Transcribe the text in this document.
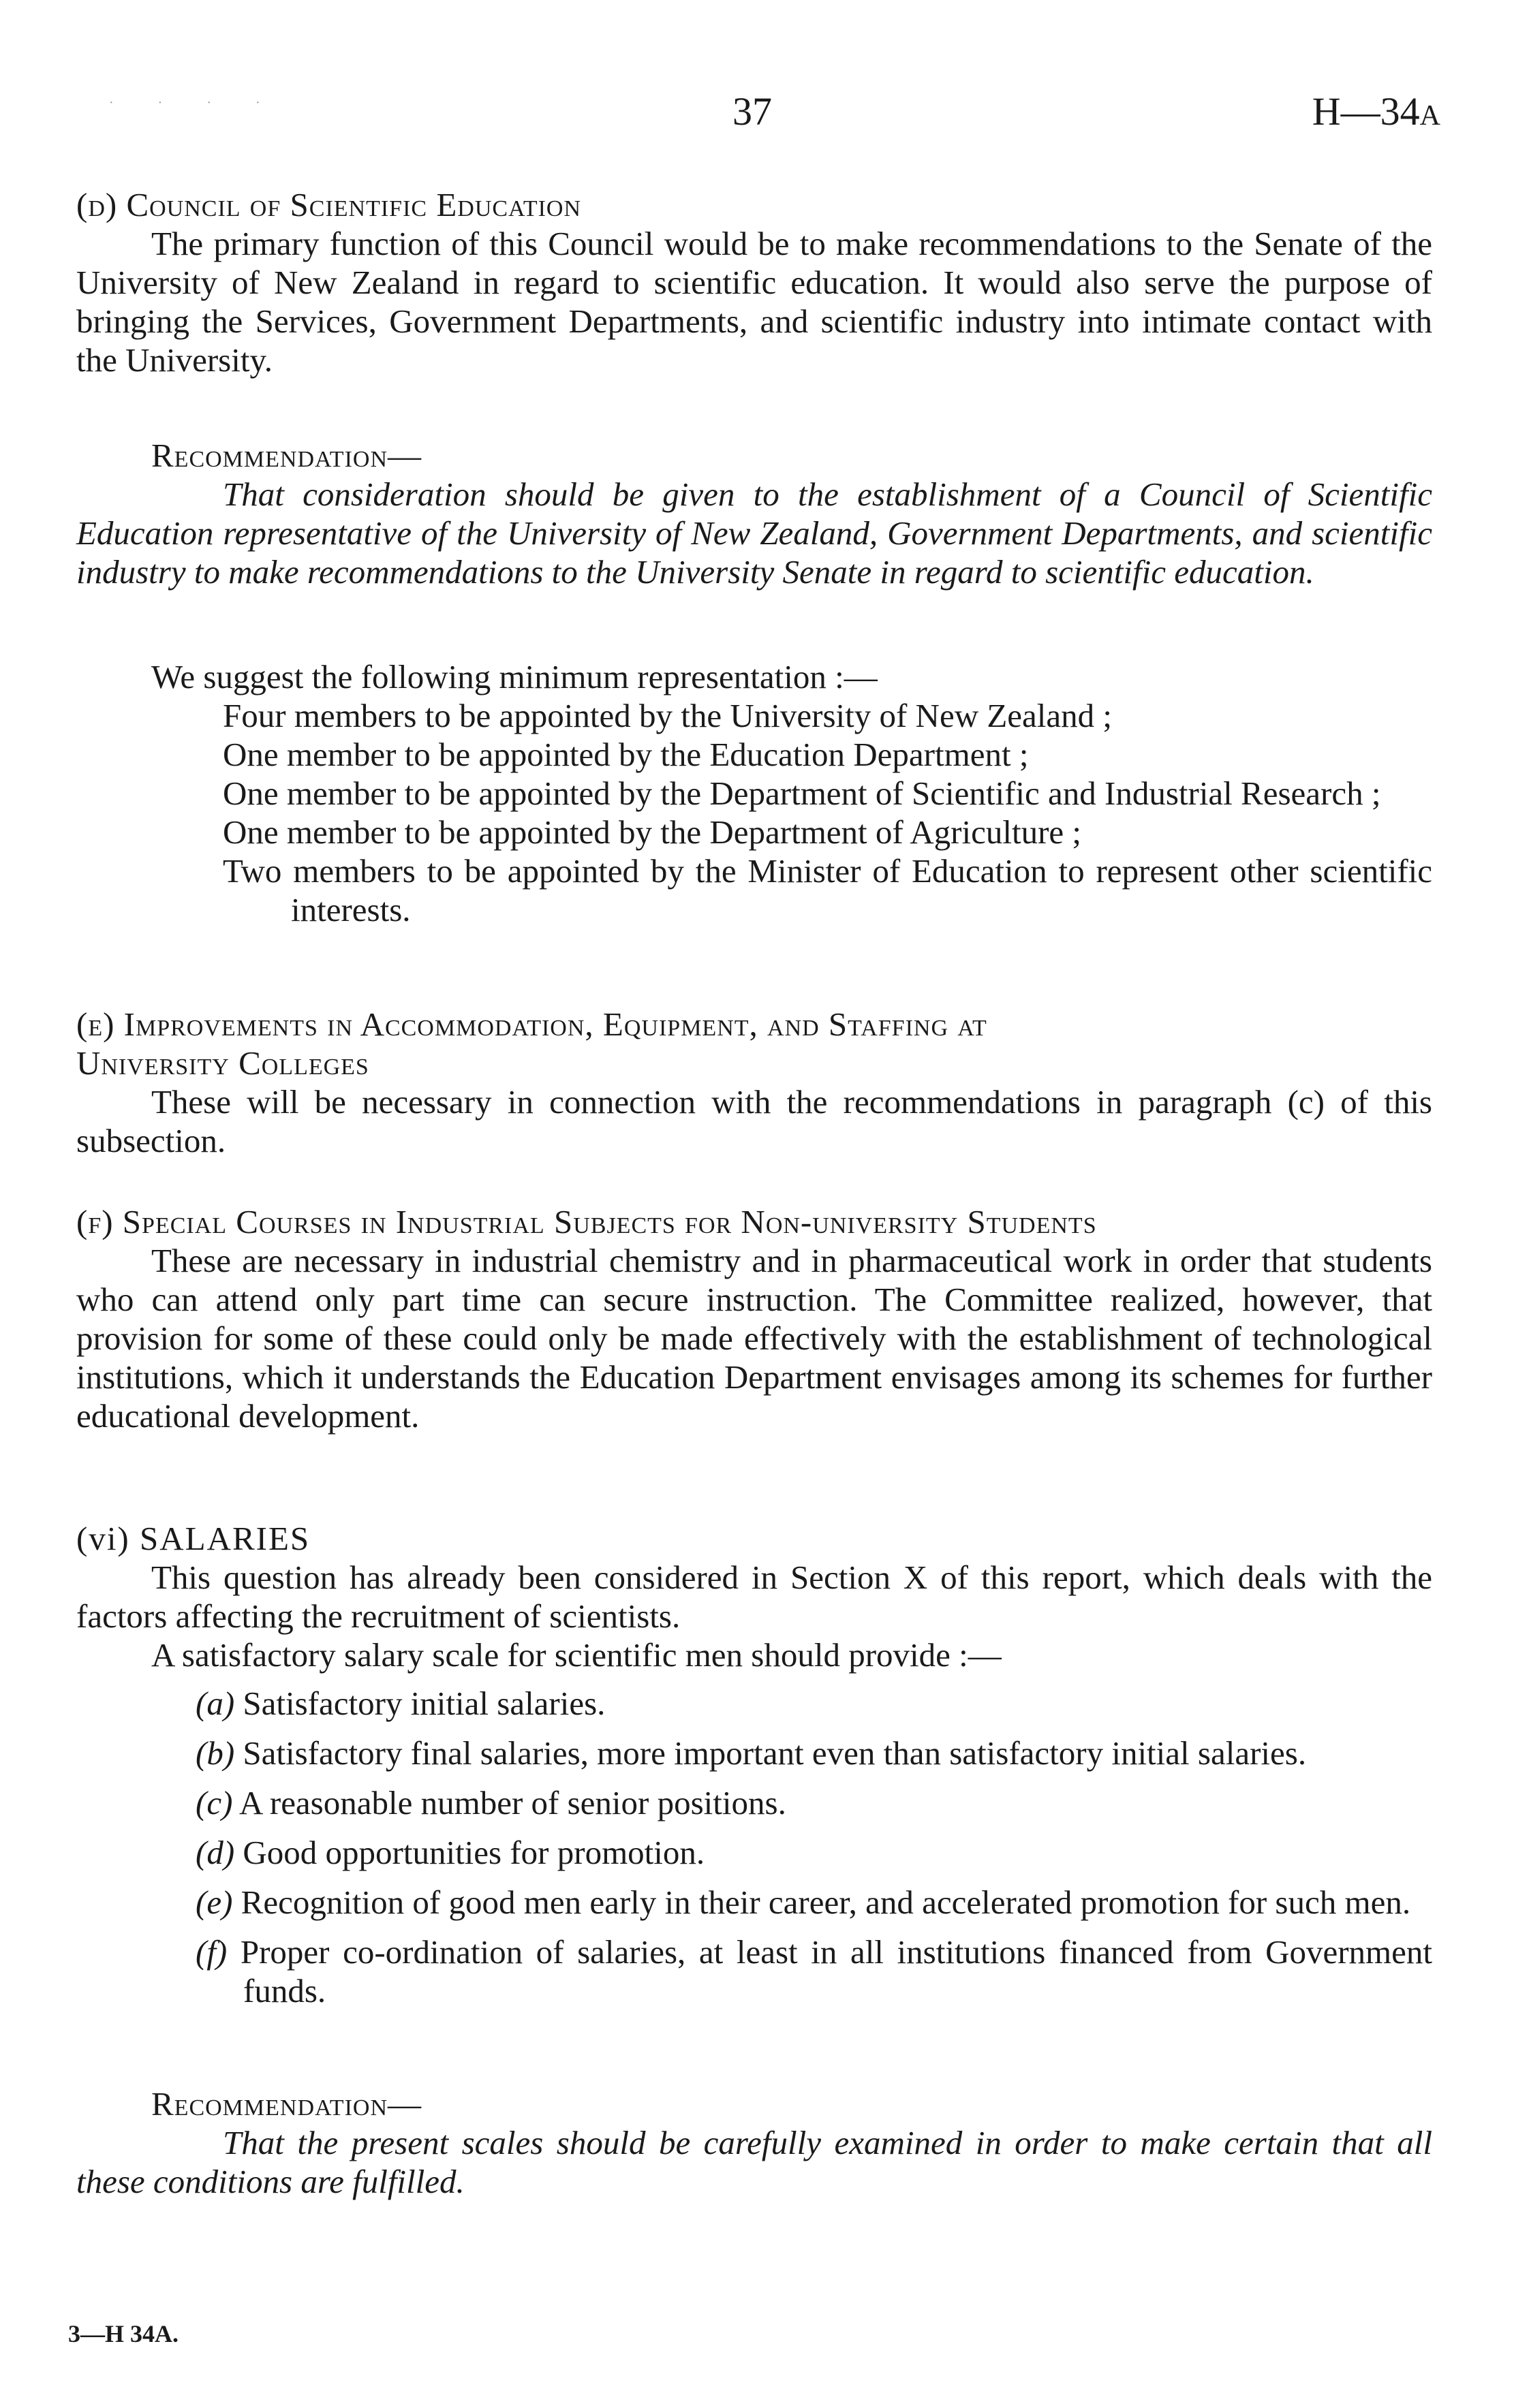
· · · ·	37	H—34A

(d) Council of Scientific Education

The primary function of this Council would be to make recommendations to the Senate of the University of New Zealand in regard to scientific education. It would also serve the purpose of bringing the Services, Government Departments, and scientific industry into intimate contact with the University.

Recommendation—

That consideration should be given to the establishment of a Council of Scientific Education representative of the University of New Zealand, Government Departments, and scientific industry to make recommendations to the University Senate in regard to scientific education.

We suggest the following minimum representation :—

Four members to be appointed by the University of New Zealand ;

One member to be appointed by the Education Department ;

One member to be appointed by the Department of Scientific and Industrial Research ;

One member to be appointed by the Department of Agriculture ;

Two members to be appointed by the Minister of Education to represent other scientific interests.

(e) Improvements in Accommodation, Equipment, and Staffing at

University Colleges

These will be necessary in connection with the recommendations in paragraph (c) of this subsection.

(f) Special Courses in Industrial Subjects for Non-university Students

These are necessary in industrial chemistry and in pharmaceutical work in order that students who can attend only part time can secure instruction. The Committee realized, however, that provision for some of these could only be made effectively with the establishment of technological institutions, which it understands the Education Department envisages among its schemes for further educational development.

(vi) SALARIES

This question has already been considered in Section X of this report, which deals with the factors affecting the recruitment of scientists.

A satisfactory salary scale for scientific men should provide :—

(a) Satisfactory initial salaries.

(b) Satisfactory final salaries, more important even than satisfactory initial salaries.

(c) A reasonable number of senior positions.

(d) Good opportunities for promotion.

(e) Recognition of good men early in their career, and accelerated promotion for such men.

(f) Proper co-ordination of salaries, at least in all institutions financed from Government funds.

Recommendation—

That the present scales should be carefully examined in order to make certain that all these conditions are fulfilled.

3—H 34A.
